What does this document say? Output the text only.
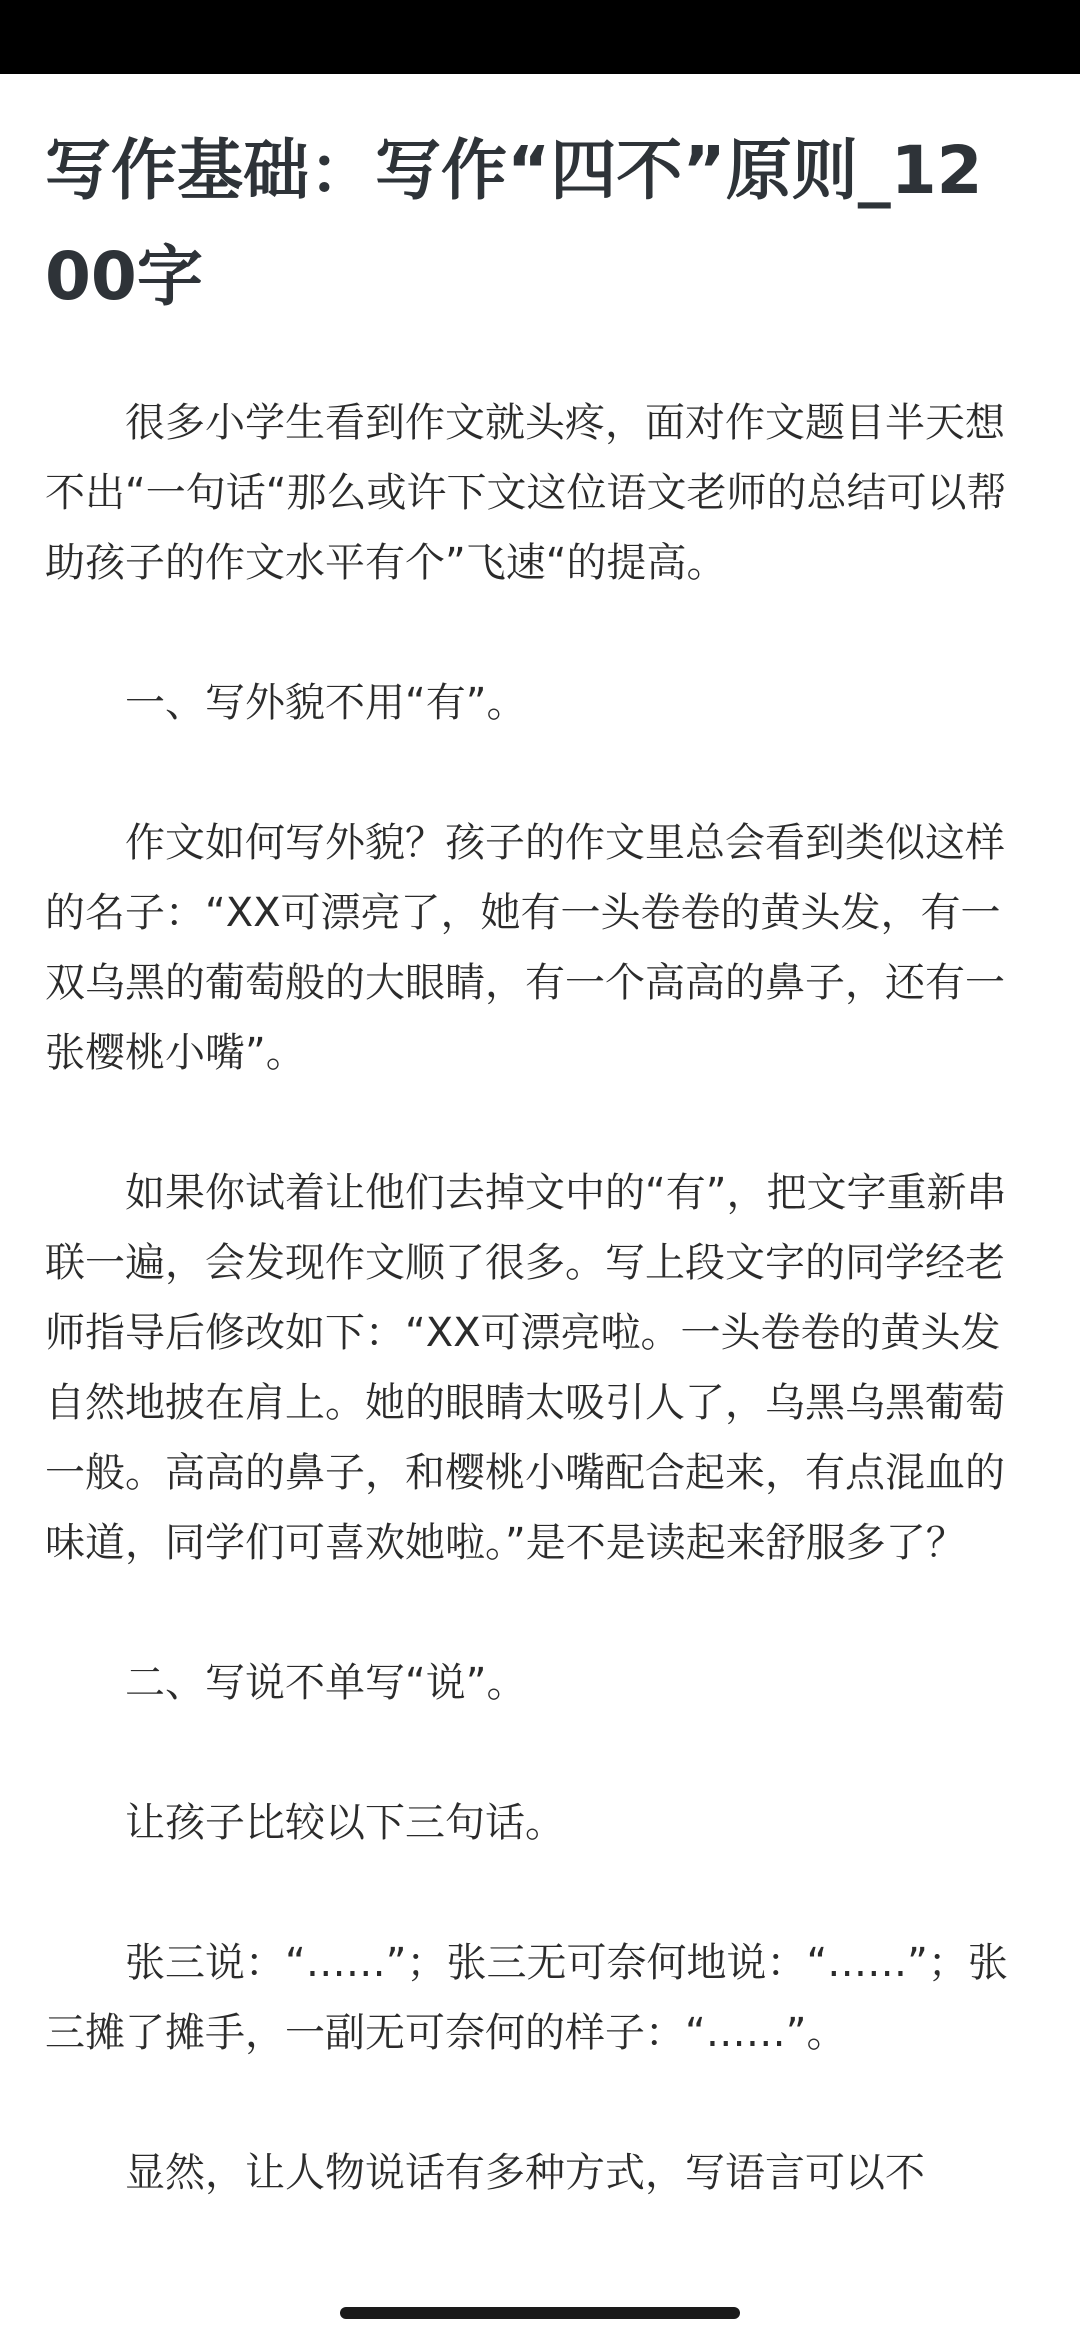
写作基础：写作“四不”原则_1200字

很多小学生看到作文就头疼，面对作文题目半天想不出“一句话“那么或许下文这位语文老师的总结可以帮助孩子的作文水平有个”飞速“的提高。

一、写外貌不用“有”。

作文如何写外貌？孩子的作文里总会看到类似这样的名子：“XX可漂亮了，她有一头卷卷的黄头发，有一双乌黑的葡萄般的大眼睛，有一个高高的鼻子，还有一张樱桃小嘴”。

如果你试着让他们去掉文中的“有”，把文字重新串联一遍，会发现作文顺了很多。写上段文字的同学经老师指导后修改如下：“XX可漂亮啦。一头卷卷的黄头发自然地披在肩上。她的眼睛太吸引人了，乌黑乌黑葡萄一般。高高的鼻子，和樱桃小嘴配合起来，有点混血的味道，同学们可喜欢她啦。”是不是读起来舒服多了？

二、写说不单写“说”。

让孩子比较以下三句话。

张三说：“……”；张三无可奈何地说：“……”；张三摊了摊手，一副无可奈何的样子：“……”。

显然，让人物说话有多种方式，写语言可以不
